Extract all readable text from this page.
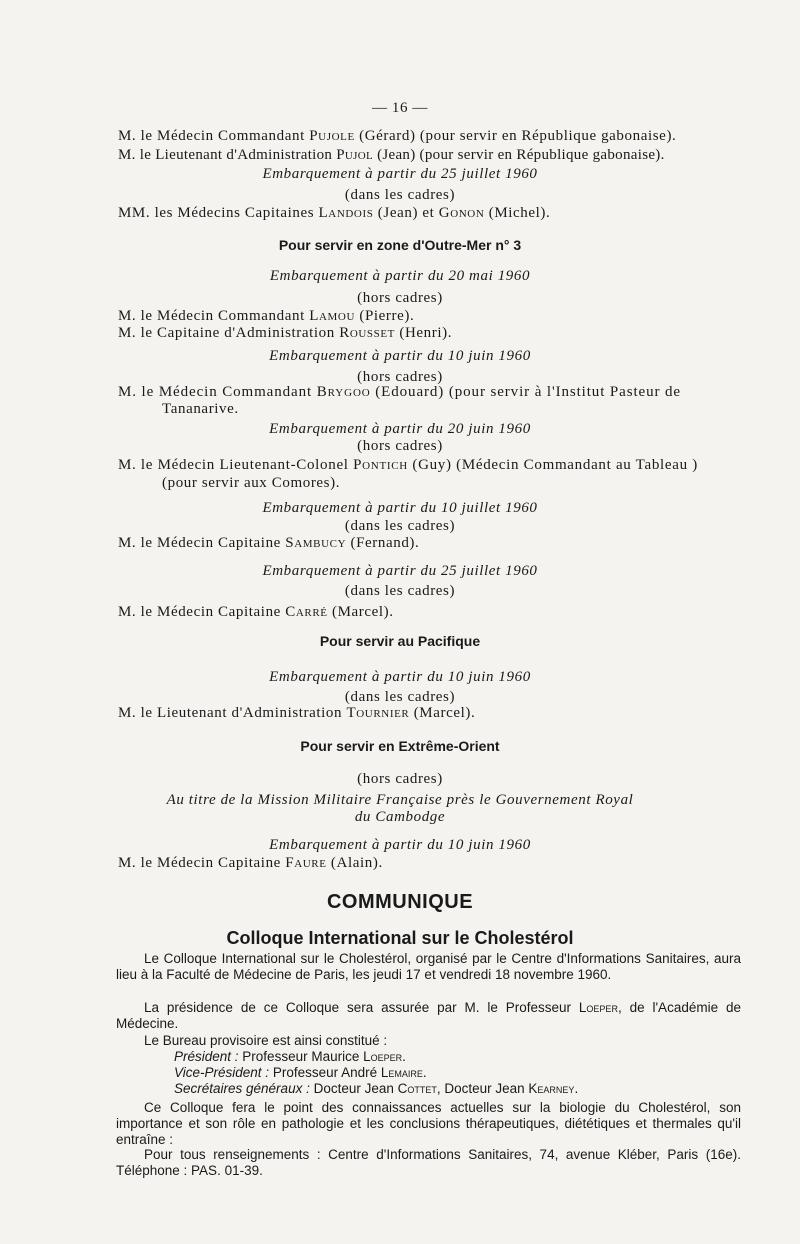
— 16 —
M. le Médecin Commandant Pujole (Gérard) (pour servir en République gabonaise).
M. le Lieutenant d'Administration Pujol (Jean) (pour servir en République gabonaise).
Embarquement à partir du 25 juillet 1960
(dans les cadres)
MM. les Médecins Capitaines Landois (Jean) et Gonon (Michel).
Pour servir en zone d'Outre-Mer n° 3
Embarquement à partir du 20 mai 1960
(hors cadres)
M. le Médecin Commandant Lamou (Pierre).
M. le Capitaine d'Administration Rousset (Henri).
Embarquement à partir du 10 juin 1960
(hors cadres)
M. le Médecin Commandant Brygoo (Edouard) (pour servir à l'Institut Pasteur de
Tananarive.
Embarquement à partir du 20 juin 1960
(hors cadres)
M. le Médecin Lieutenant-Colonel Pontich (Guy) (Médecin Commandant au Tableau )
(pour servir aux Comores).
Embarquement à partir du 10 juillet 1960
(dans les cadres)
M. le Médecin Capitaine Sambucy (Fernand).
Embarquement à partir du 25 juillet 1960
(dans les cadres)
M. le Médecin Capitaine Carré (Marcel).
Pour servir au Pacifique
Embarquement à partir du 10 juin 1960
(dans les cadres)
M. le Lieutenant d'Administration Tournier (Marcel).
Pour servir en Extrême-Orient
(hors cadres)
Au titre de la Mission Militaire Française près le Gouvernement Royal
du Cambodge
Embarquement à partir du 10 juin 1960
M. le Médecin Capitaine Faure (Alain).
COMMUNIQUE
Colloque International sur le Cholestérol
Le Colloque International sur le Cholestérol, organisé par le Centre d'Informations Sanitaires, aura lieu à la Faculté de Médecine de Paris, les jeudi 17 et vendredi 18 novembre 1960.
La présidence de ce Colloque sera assurée par M. le Professeur Loeper, de l'Académie de Médecine.
Le Bureau provisoire est ainsi constitué :
Président : Professeur Maurice Loeper.
Vice-Président : Professeur André Lemaire.
Secrétaires généraux : Docteur Jean Cottet, Docteur Jean Kearney.
Ce Colloque fera le point des connaissances actuelles sur la biologie du Cholestérol, son importance et son rôle en pathologie et les conclusions thérapeutiques, diététiques et thermales qu'il entraîne :
Pour tous renseignements : Centre d'Informations Sanitaires, 74, avenue Kléber, Paris (16e). Téléphone : PAS. 01-39.
